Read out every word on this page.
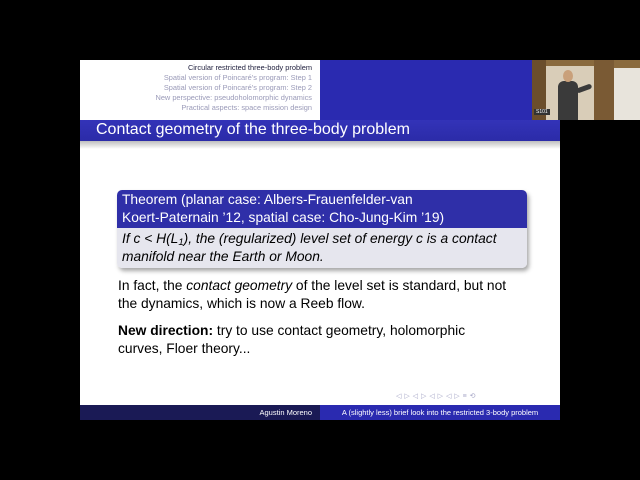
Circular restricted three-body problem
Spatial version of Poincaré’s program: Step 1
Spatial version of Poincaré’s program: Step 2
New perspective: pseudoholomorphic dynamics
Practical aspects: space mission design
Contact geometry of the three-body problem
Theorem (planar case: Albers-Frauenfelder-van
Koert-Paternain ’12, spatial case: Cho-Jung-Kim ’19)
If $c < H(L_1)$, the (regularized) level set of energy c is a contact
manifold near the Earth or Moon.
In fact, the contact geometry of the level set is standard, but not
the dynamics, which is now a Reeb flow.
New direction: try to use contact geometry, holomorphic
curves, Floer theory...
◁ ▷ ◁ ▷ ◁ ▷ ◁ ▷ ≡ ⟲
Agustin Moreno	A (slightly less) brief look into the restricted 3-body problem
S101
